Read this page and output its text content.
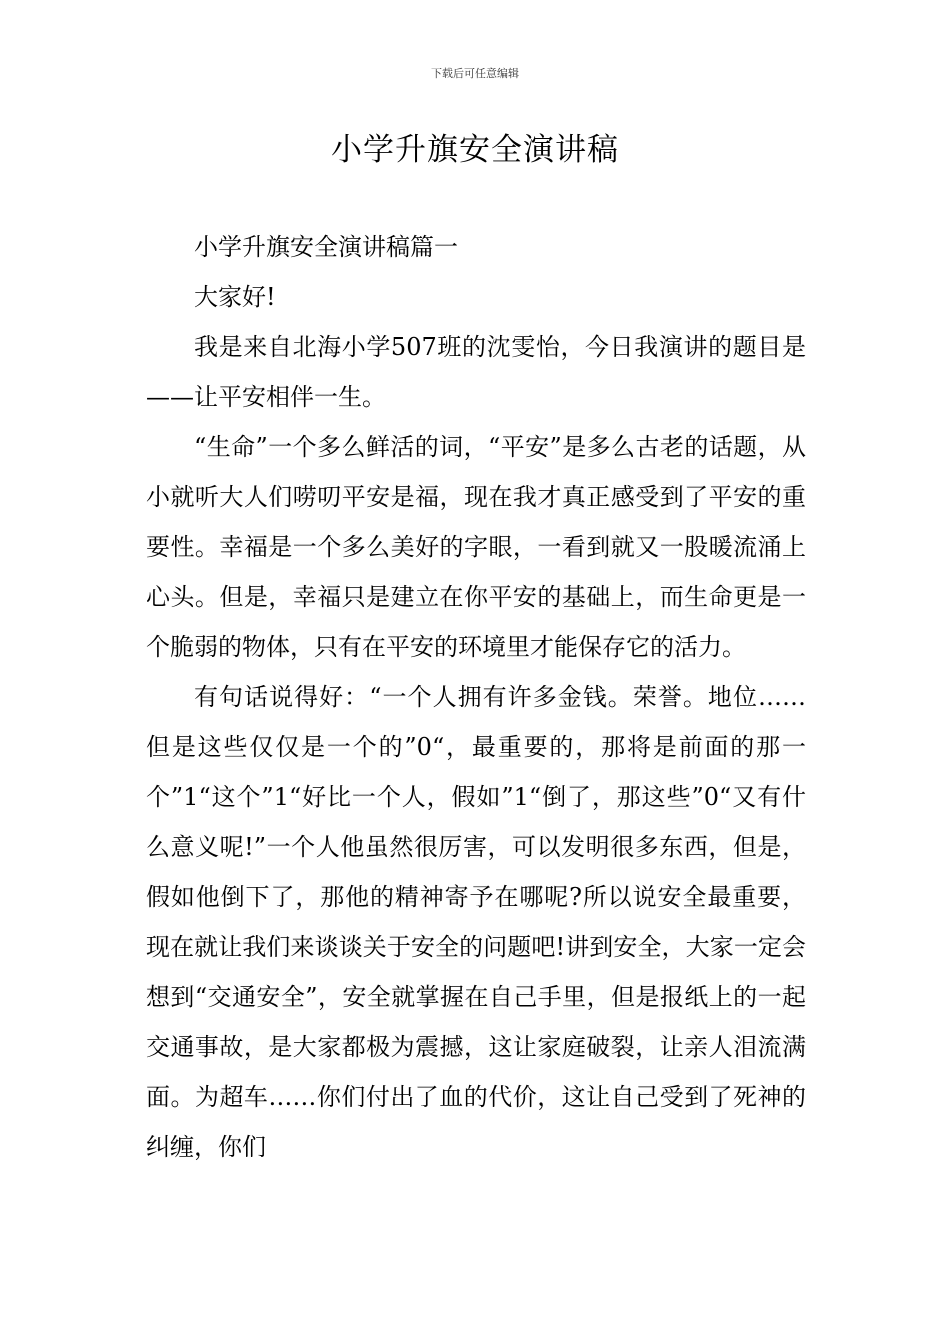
下载后可任意编辑
小学升旗安全演讲稿

小学升旗安全演讲稿篇一

大家好!

我是来自北海小学507班的沈雯怡，今日我演讲的题目是——让平安相伴一生。

“生命”一个多么鲜活的词，“平安”是多么古老的话题，从小就听大人们唠叨平安是福，现在我才真正感受到了平安的重要性。幸福是一个多么美好的字眼，一看到就又一股暖流涌上心头。但是，幸福只是建立在你平安的基础上，而生命更是一个脆弱的物体，只有在平安的环境里才能保存它的活力。

有句话说得好：“一个人拥有许多金钱。荣誉。地位……但是这些仅仅是一个的”0“，最重要的，那将是前面的那一个”1“这个”1“好比一个人，假如”1“倒了，那这些”0“又有什么意义呢!”一个人他虽然很厉害，可以发明很多东西，但是，假如他倒下了，那他的精神寄予在哪呢?所以说安全最重要，现在就让我们来谈谈关于安全的问题吧!讲到安全，大家一定会想到“交通安全”，安全就掌握在自己手里，但是报纸上的一起交通事故，是大家都极为震撼，这让家庭破裂，让亲人泪流满面。为超车……你们付出了血的代价，这让自己受到了死神的纠缠，你们
